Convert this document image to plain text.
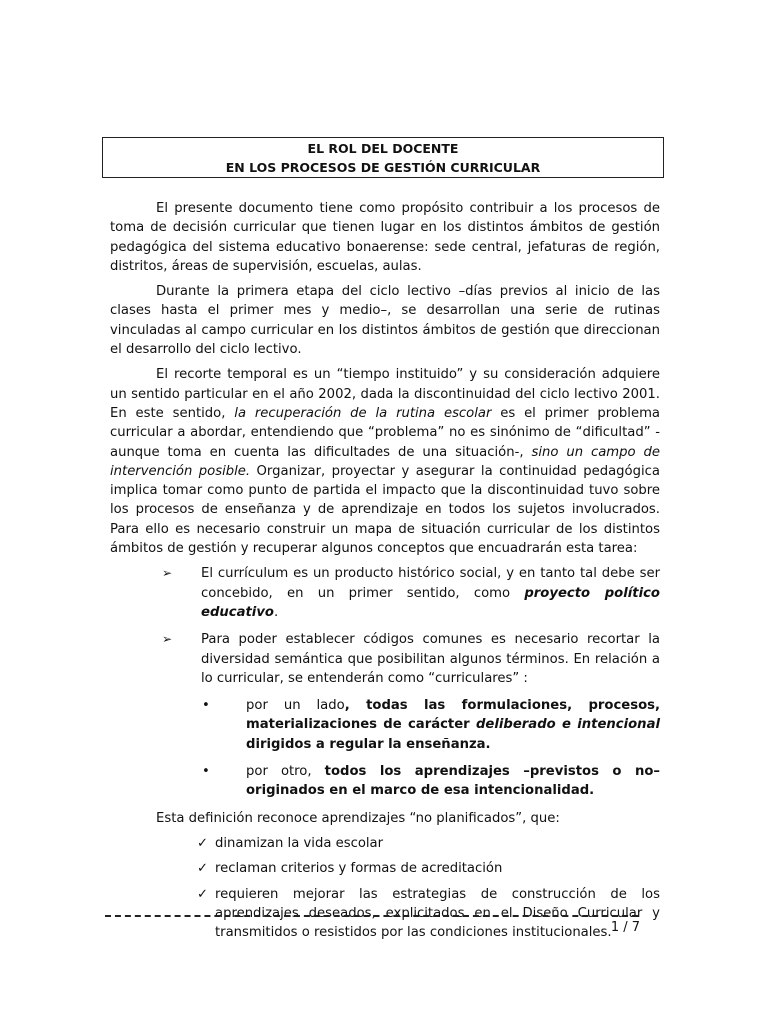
EL ROL DEL DOCENTE
EN LOS PROCESOS DE GESTIÓN CURRICULAR

El presente documento tiene como propósito contribuir a los procesos de toma de decisión curricular que tienen lugar en los distintos ámbitos de gestión pedagógica del sistema educativo bonaerense: sede central, jefaturas de región, distritos, áreas de supervisión, escuelas, aulas.

Durante la primera etapa del ciclo lectivo –días previos al inicio de las clases hasta el primer mes y medio–, se desarrollan una serie de rutinas vinculadas al campo curricular en los distintos ámbitos de gestión que direccionan el desarrollo del ciclo lectivo.

El recorte temporal es un “tiempo instituido” y su consideración adquiere un sentido particular en el año 2002, dada la discontinuidad del ciclo lectivo 2001. En este sentido, la recuperación de la rutina escolar es el primer problema curricular a abordar, entendiendo que “problema” no es sinónimo de “dificultad” -aunque toma en cuenta las dificultades de una situación-, sino un campo de intervención posible. Organizar, proyectar y asegurar la continuidad pedagógica implica tomar como punto de partida el impacto que la discontinuidad tuvo sobre los procesos de enseñanza y de aprendizaje en todos los sujetos involucrados. Para ello es necesario construir un mapa de situación curricular de los distintos ámbitos de gestión y recuperar algunos conceptos que encuadrarán esta tarea:

➢ El currículum es un producto histórico social, y en tanto tal debe ser concebido, en un primer sentido, como proyecto político educativo.
➢ Para poder establecer códigos comunes es necesario recortar la diversidad semántica que posibilitan algunos términos. En relación a lo curricular, se entenderán como “curriculares” :
•	por un lado, todas las formulaciones, procesos, materializaciones de carácter deliberado e intencional dirigidos a regular la enseñanza.
•	por otro, todos los aprendizajes –previstos o no– originados en el marco de esa intencionalidad.

Esta definición reconoce aprendizajes “no planificados”, que:

✓ dinamizan la vida escolar
✓ reclaman criterios y formas de acreditación
✓ requieren mejorar las estrategias de construcción de los aprendizajes deseados, explicitados en el Diseño Curricular y transmitidos o resistidos por las condiciones institucionales. 1 / 7
